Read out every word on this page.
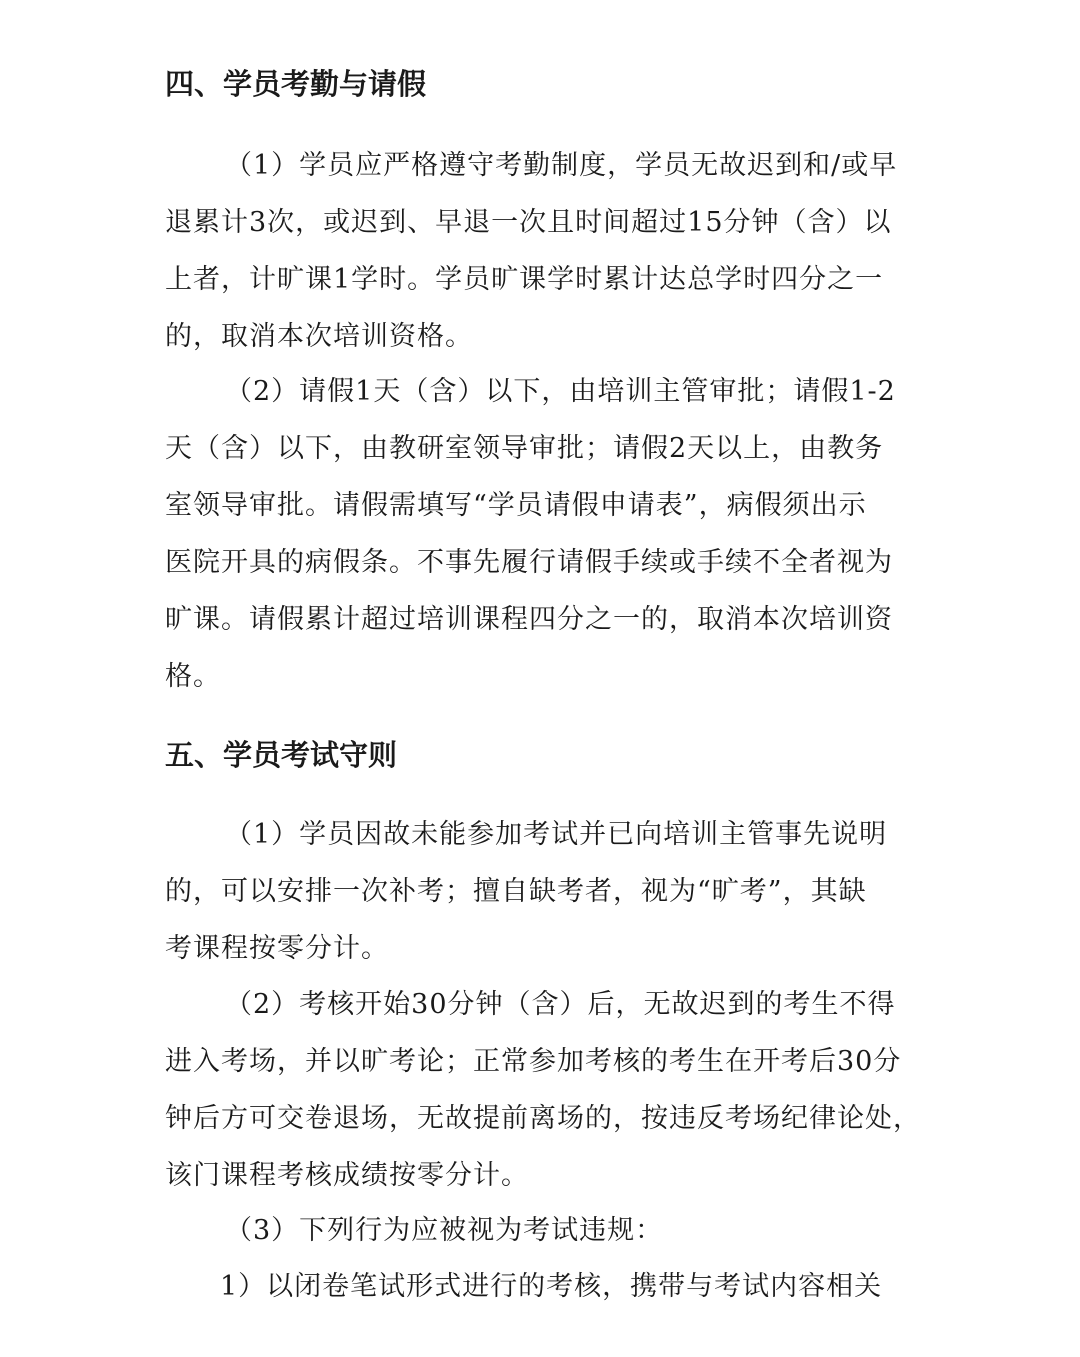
四、学员考勤与请假

（1）学员应严格遵守考勤制度，学员无故迟到和/或早

退累计3次，或迟到、早退一次且时间超过15分钟（含）以

上者，计旷课1学时。学员旷课学时累计达总学时四分之一

的，取消本次培训资格。

（2）请假1天（含）以下，由培训主管审批；请假1-2

天（含）以下，由教研室领导审批；请假2天以上，由教务

室领导审批。请假需填写“学员请假申请表”，病假须出示

医院开具的病假条。不事先履行请假手续或手续不全者视为

旷课。请假累计超过培训课程四分之一的，取消本次培训资

格。

五、学员考试守则

（1）学员因故未能参加考试并已向培训主管事先说明

的，可以安排一次补考；擅自缺考者，视为“旷考”，其缺

考课程按零分计。

（2）考核开始30分钟（含）后，无故迟到的考生不得

进入考场，并以旷考论；正常参加考核的考生在开考后30分

钟后方可交卷退场，无故提前离场的，按违反考场纪律论处，

该门课程考核成绩按零分计。

（3）下列行为应被视为考试违规：

1）以闭卷笔试形式进行的考核，携带与考试内容相关
